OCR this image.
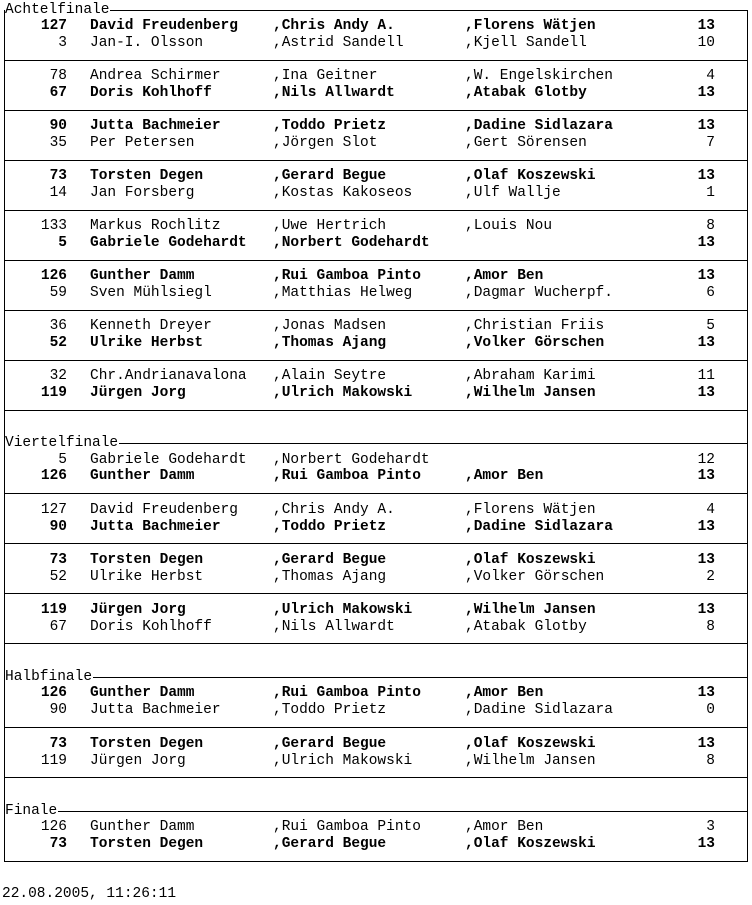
Achtelfinale
127 David Freudenberg ,Chris Andy A.	,Florens Wätjen	13
3 Jan-I. Olsson	,Astrid Sandell	,Kjell Sandell	10
78 Andrea Schirmer	,Ina Geitner	,W. Engelskirchen	4
67 Doris Kohlhoff	,Nils Allwardt	,Atabak Glotby	13
90 Jutta Bachmeier	,Toddo Prietz	,Dadine Sidlazara	13
35 Per Petersen	,Jörgen Slot	,Gert Sörensen	7
73 Torsten Degen	,Gerard Begue	,Olaf Koszewski	13
14 Jan Forsberg	,Kostas Kakoseos	,Ulf Wallje	1
133 Markus Rochlitz	,Uwe Hertrich	,Louis Nou	8
5 Gabriele Godehardt ,Norbert Godehardt	13
126 Gunther Damm	,Rui Gamboa Pinto	,Amor Ben	13
59 Sven Mühlsiegl	,Matthias Helweg	,Dagmar Wucherpf.	6
36 Kenneth Dreyer	,Jonas Madsen	,Christian Friis	5
52 Ulrike Herbst	,Thomas Ajang	,Volker Görschen	13
32 Chr.Andrianavalona ,Alain Seytre	,Abraham Karimi	11
119 Jürgen Jorg	,Ulrich Makowski	,Wilhelm Jansen	13
Viertelfinale
5 Gabriele Godehardt ,Norbert Godehardt	12
126 Gunther Damm	,Rui Gamboa Pinto	,Amor Ben	13
127 David Freudenberg ,Chris Andy A.	,Florens Wätjen	4
90 Jutta Bachmeier	,Toddo Prietz	,Dadine Sidlazara	13
73 Torsten Degen	,Gerard Begue	,Olaf Koszewski	13
52 Ulrike Herbst	,Thomas Ajang	,Volker Görschen	2
119 Jürgen Jorg	,Ulrich Makowski	,Wilhelm Jansen	13
67 Doris Kohlhoff	,Nils Allwardt	,Atabak Glotby	8
Halbfinale
126 Gunther Damm	,Rui Gamboa Pinto	,Amor Ben	13
90 Jutta Bachmeier	,Toddo Prietz	,Dadine Sidlazara	0
73 Torsten Degen	,Gerard Begue	,Olaf Koszewski	13
119 Jürgen Jorg	,Ulrich Makowski	,Wilhelm Jansen	8
Finale
126 Gunther Damm	,Rui Gamboa Pinto	,Amor Ben	3
73 Torsten Degen	,Gerard Begue	,Olaf Koszewski	13
22.08.2005, 11:26:11
